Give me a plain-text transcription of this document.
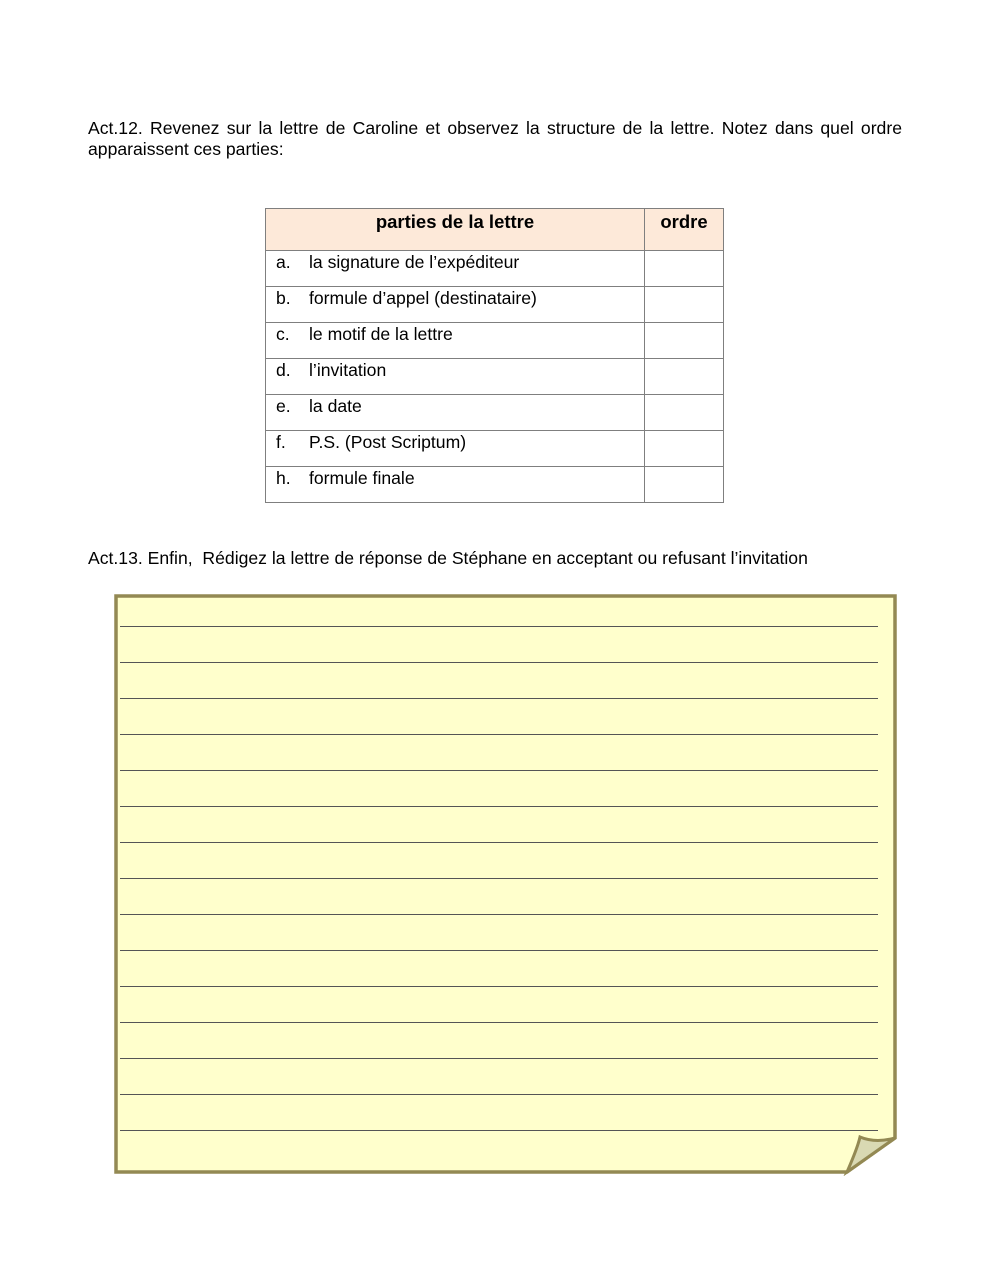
Act.12. Revenez sur la lettre de Caroline et observez la structure de la lettre. Notez dans quel ordre apparaissent ces parties:
parties de la lettre	ordre

a. la signature de l’expéditeur	

b. formule d’appel (destinataire)	

c. le motif de la lettre	

d. l’invitation	

e. la date	

f. P.S. (Post Scriptum)	

h. formule finale	

Act.13. Enfin,  Rédigez la lettre de réponse de Stéphane en acceptant ou refusant l’invitation
